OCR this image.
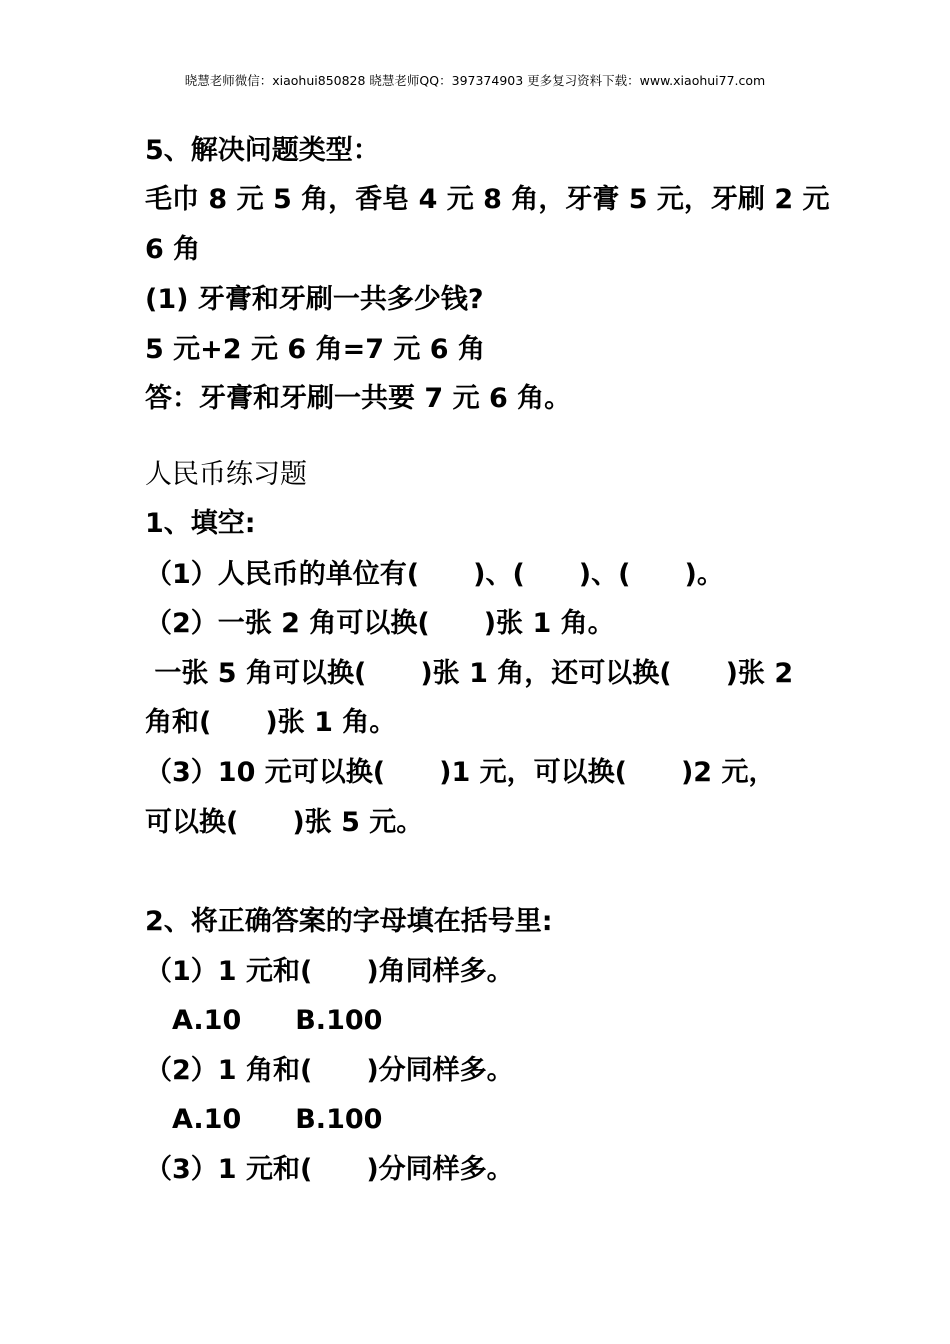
晓慧老师微信：xiaohui850828 晓慧老师QQ：397374903 更多复习资料下载：www.xiaohui77.com
5、解决问题类型：
毛巾 8 元 5 角，香皂 4 元 8 角，牙膏 5 元，牙刷 2 元
6 角
(1) 牙膏和牙刷一共多少钱?
5 元+2 元 6 角=7 元 6 角
答：牙膏和牙刷一共要 7 元 6 角。
人民币练习题
1、填空:
（1）人民币的单位有(　　)、(　　)、(　　)。
（2）一张 2 角可以换(　　)张 1 角。
一张 5 角可以换(　　)张 1 角，还可以换(　　)张 2
角和(　　)张 1 角。
（3）10 元可以换(　　)1 元，可以换(　　)2 元，
可以换(　　)张 5 元。
2、将正确答案的字母填在括号里:
（1）1 元和(　　)角同样多。
A.10　　B.100
（2）1 角和(　　)分同样多。
A.10　　B.100
（3）1 元和(　　)分同样多。
